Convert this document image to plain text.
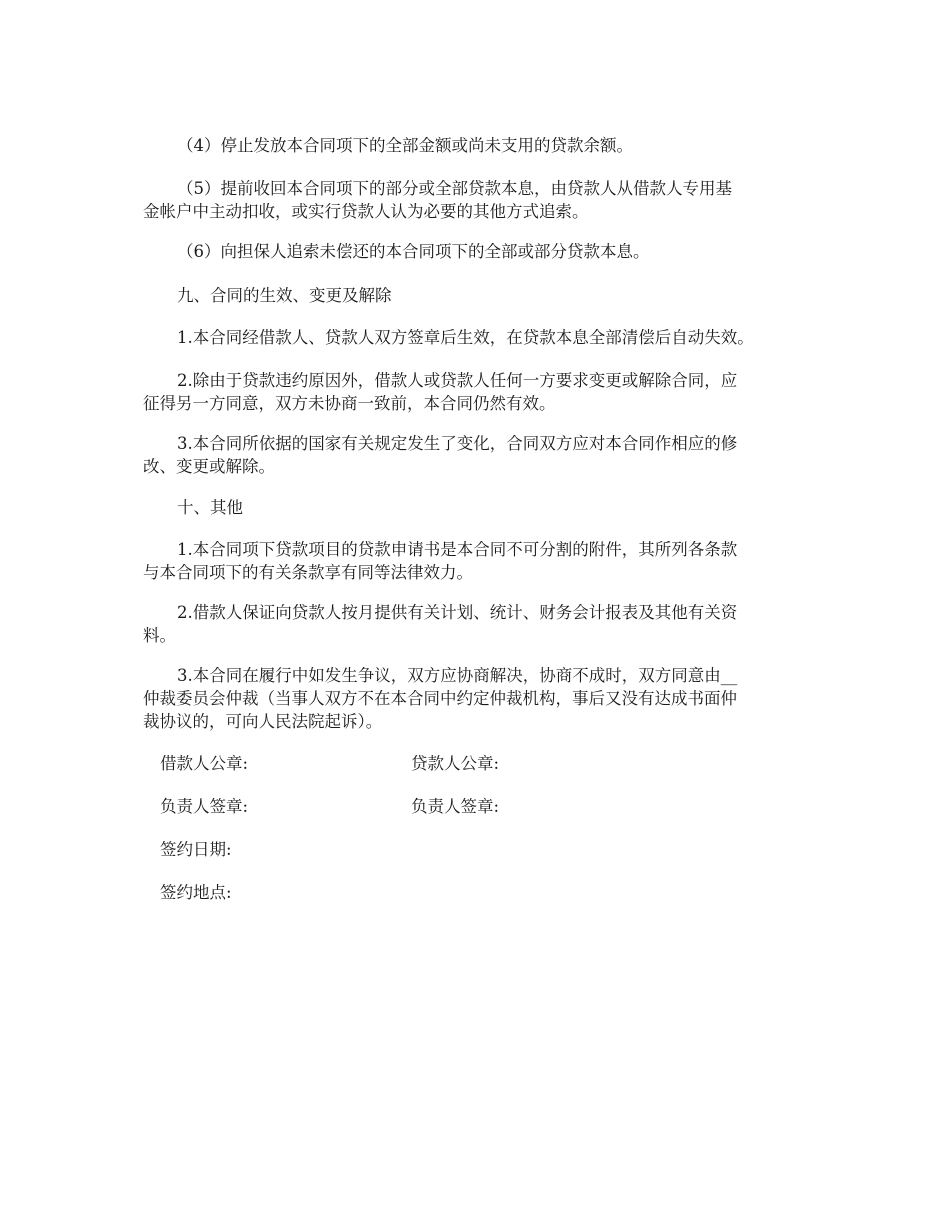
（4）停止发放本合同项下的全部金额或尚未支用的贷款余额。

（5）提前收回本合同项下的部分或全部贷款本息，由贷款人从借款人专用基
金帐户中主动扣收，或实行贷款人认为必要的其他方式追索。

（6）向担保人追索未偿还的本合同项下的全部或部分贷款本息。

九、合同的生效、变更及解除

1.本合同经借款人、贷款人双方签章后生效，在贷款本息全部清偿后自动失效。

2.除由于贷款违约原因外，借款人或贷款人任何一方要求变更或解除合同，应
征得另一方同意，双方未协商一致前，本合同仍然有效。

3.本合同所依据的国家有关规定发生了变化，合同双方应对本合同作相应的修
改、变更或解除。

十、其他

1.本合同项下贷款项目的贷款申请书是本合同不可分割的附件，其所列各条款
与本合同项下的有关条款享有同等法律效力。

2.借款人保证向贷款人按月提供有关计划、统计、财务会计报表及其他有关资
料。

3.本合同在履行中如发生争议，双方应协商解决，协商不成时，双方同意由__
仲裁委员会仲裁（当事人双方不在本合同中约定仲裁机构，事后又没有达成书面仲
裁协议的，可向人民法院起诉）。

借款人公章:	贷款人公章:
负责人签章:	负责人签章:
签约日期:
签约地点:
